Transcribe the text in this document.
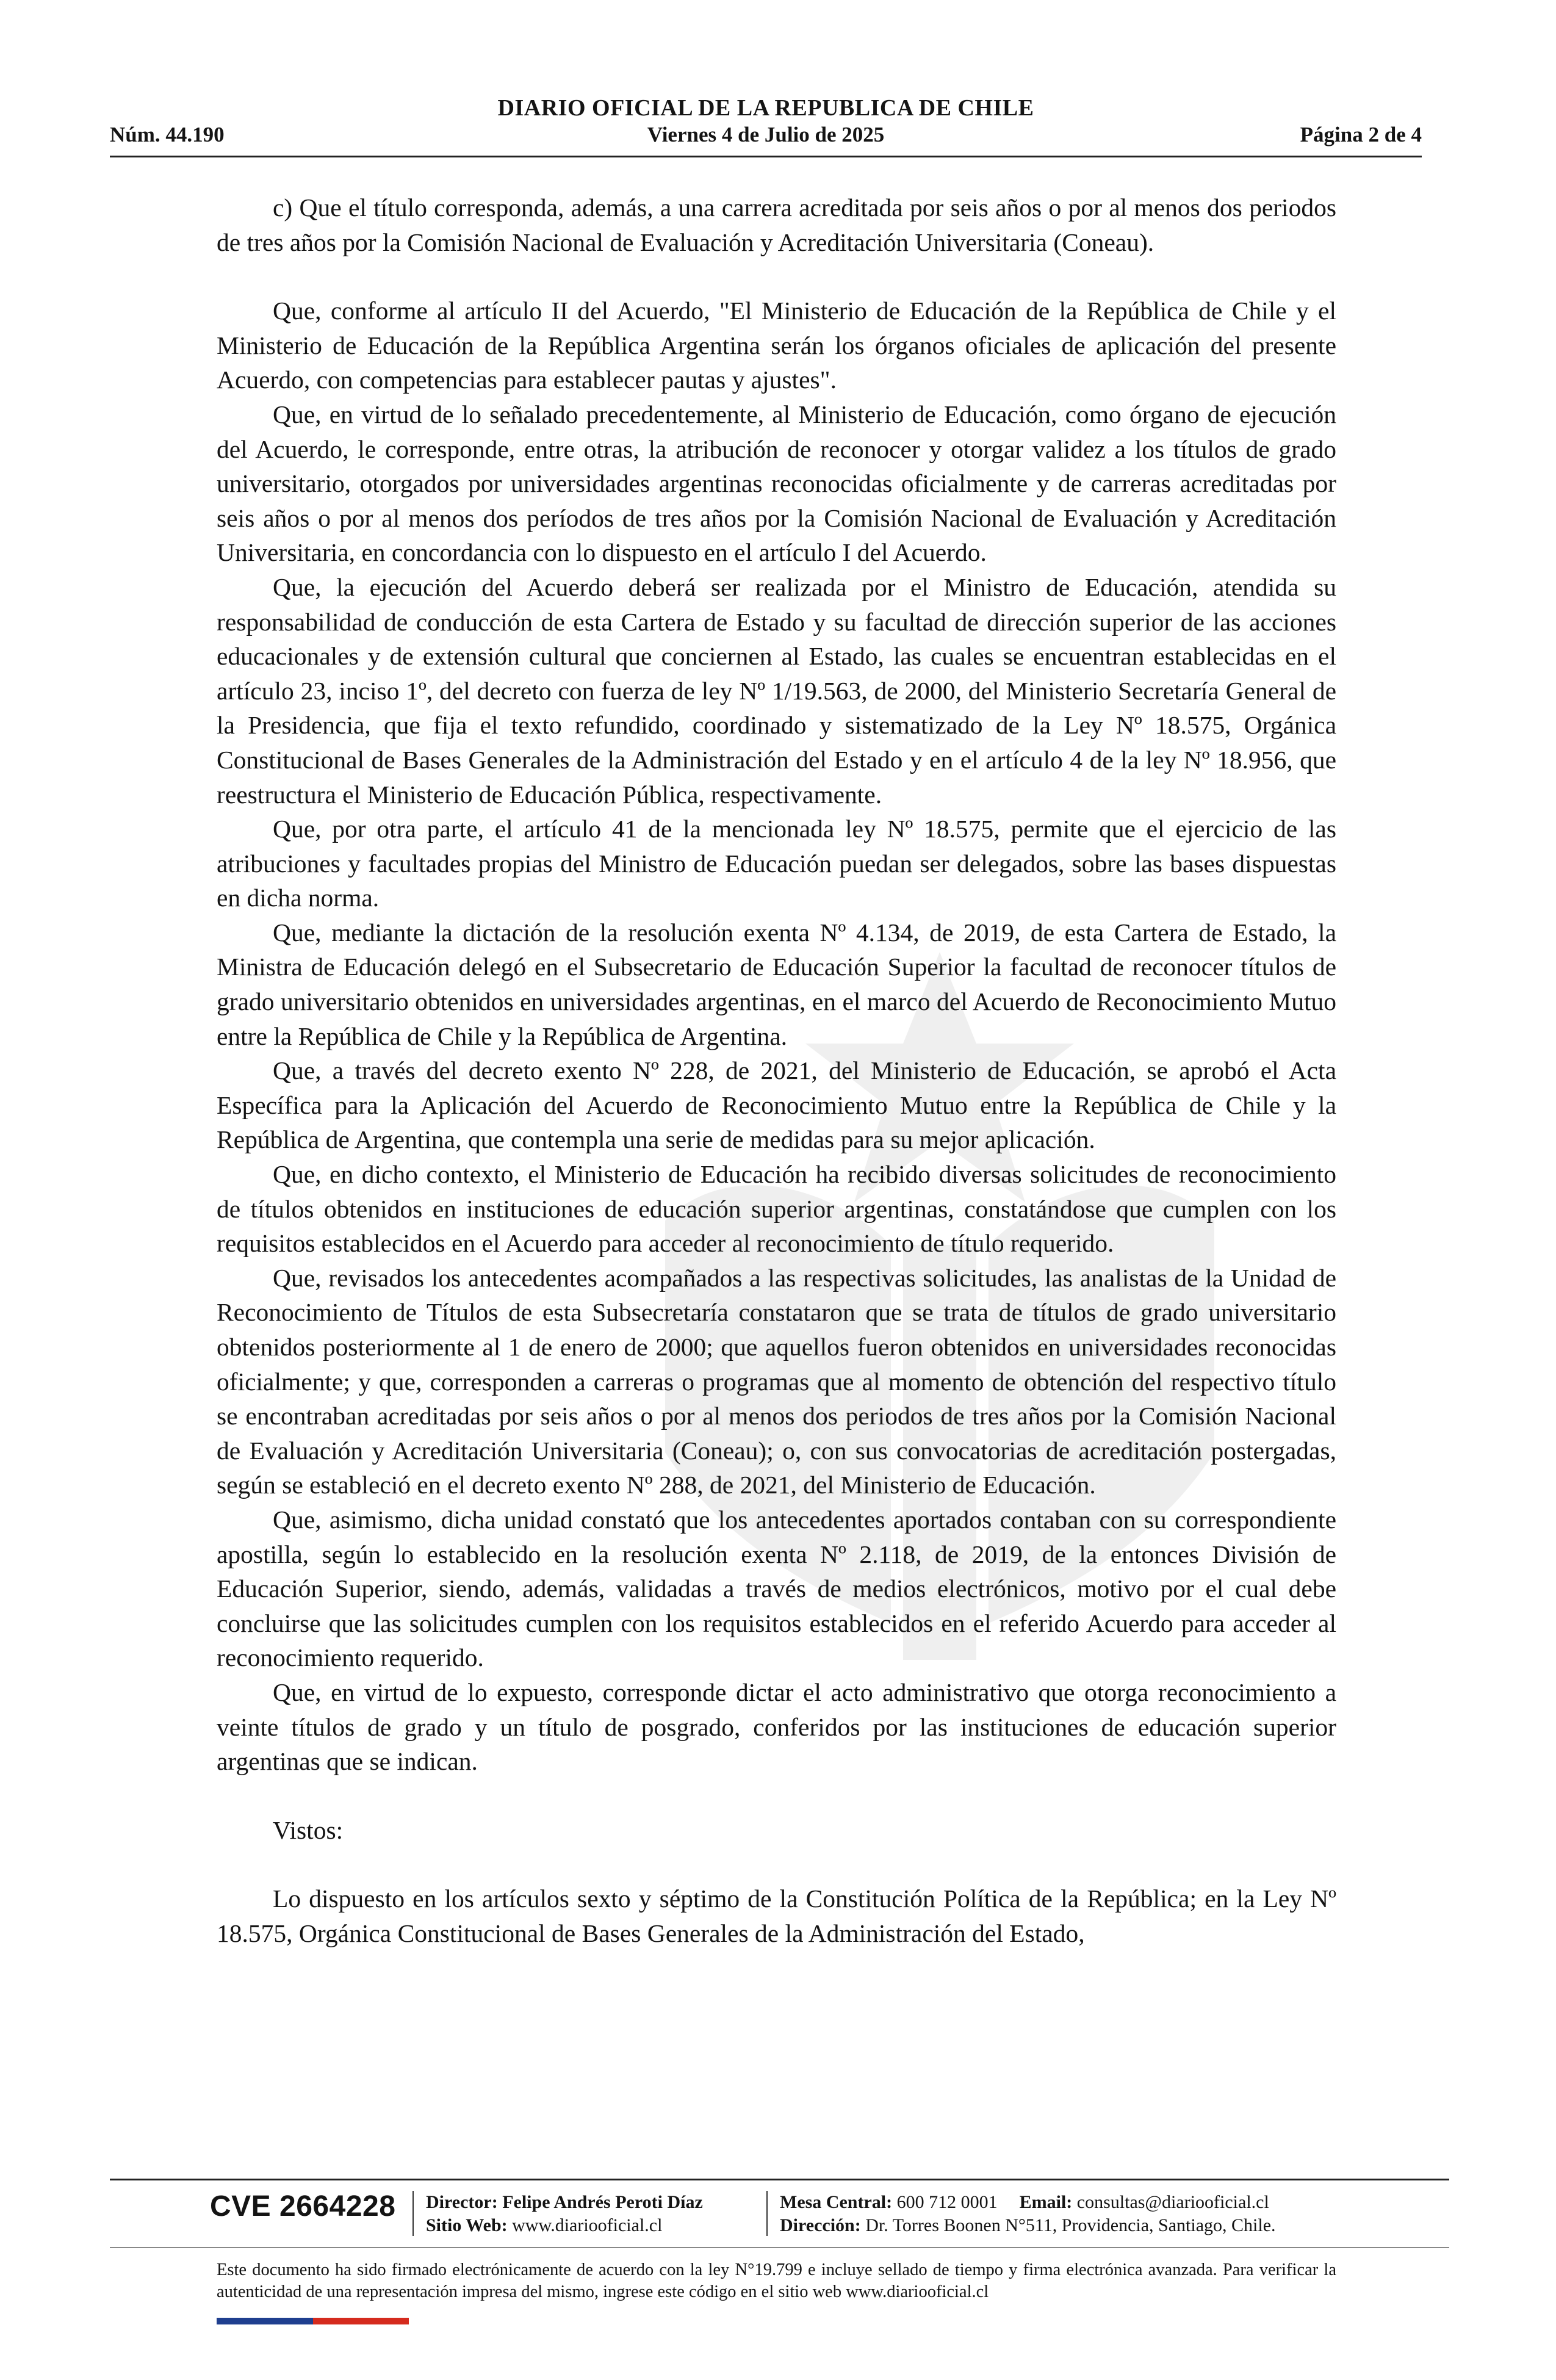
DIARIO OFICIAL DE LA REPUBLICA DE CHILE
Núm. 44.190	Viernes 4 de Julio de 2025	Página 2 de 4

c) Que el título corresponda, además, a una carrera acreditada por seis años o por al menos dos periodos de tres años por la Comisión Nacional de Evaluación y Acreditación Universitaria (Coneau).

Que, conforme al artículo II del Acuerdo, "El Ministerio de Educación de la República de Chile y el Ministerio de Educación de la República Argentina serán los órganos oficiales de aplicación del presente Acuerdo, con competencias para establecer pautas y ajustes".

Que, en virtud de lo señalado precedentemente, al Ministerio de Educación, como órgano de ejecución del Acuerdo, le corresponde, entre otras, la atribución de reconocer y otorgar validez a los títulos de grado universitario, otorgados por universidades argentinas reconocidas oficialmente y de carreras acreditadas por seis años o por al menos dos períodos de tres años por la Comisión Nacional de Evaluación y Acreditación Universitaria, en concordancia con lo dispuesto en el artículo I del Acuerdo.

Que, la ejecución del Acuerdo deberá ser realizada por el Ministro de Educación, atendida su responsabilidad de conducción de esta Cartera de Estado y su facultad de dirección superior de las acciones educacionales y de extensión cultural que conciernen al Estado, las cuales se encuentran establecidas en el artículo 23, inciso 1º, del decreto con fuerza de ley Nº 1/19.563, de 2000, del Ministerio Secretaría General de la Presidencia, que fija el texto refundido, coordinado y sistematizado de la Ley Nº 18.575, Orgánica Constitucional de Bases Generales de la Administración del Estado y en el artículo 4 de la ley Nº 18.956, que reestructura el Ministerio de Educación Pública, respectivamente.

Que, por otra parte, el artículo 41 de la mencionada ley Nº 18.575, permite que el ejercicio de las atribuciones y facultades propias del Ministro de Educación puedan ser delegados, sobre las bases dispuestas en dicha norma.

Que, mediante la dictación de la resolución exenta Nº 4.134, de 2019, de esta Cartera de Estado, la Ministra de Educación delegó en el Subsecretario de Educación Superior la facultad de reconocer títulos de grado universitario obtenidos en universidades argentinas, en el marco del Acuerdo de Reconocimiento Mutuo entre la República de Chile y la República de Argentina.

Que, a través del decreto exento Nº 228, de 2021, del Ministerio de Educación, se aprobó el Acta Específica para la Aplicación del Acuerdo de Reconocimiento Mutuo entre la República de Chile y la República de Argentina, que contempla una serie de medidas para su mejor aplicación.

Que, en dicho contexto, el Ministerio de Educación ha recibido diversas solicitudes de reconocimiento de títulos obtenidos en instituciones de educación superior argentinas, constatándose que cumplen con los requisitos establecidos en el Acuerdo para acceder al reconocimiento de título requerido.

Que, revisados los antecedentes acompañados a las respectivas solicitudes, las analistas de la Unidad de Reconocimiento de Títulos de esta Subsecretaría constataron que se trata de títulos de grado universitario obtenidos posteriormente al 1 de enero de 2000; que aquellos fueron obtenidos en universidades reconocidas oficialmente; y que, corresponden a carreras o programas que al momento de obtención del respectivo título se encontraban acreditadas por seis años o por al menos dos periodos de tres años por la Comisión Nacional de Evaluación y Acreditación Universitaria (Coneau); o, con sus convocatorias de acreditación postergadas, según se estableció en el decreto exento Nº 288, de 2021, del Ministerio de Educación.

Que, asimismo, dicha unidad constató que los antecedentes aportados contaban con su correspondiente apostilla, según lo establecido en la resolución exenta Nº 2.118, de 2019, de la entonces División de Educación Superior, siendo, además, validadas a través de medios electrónicos, motivo por el cual debe concluirse que las solicitudes cumplen con los requisitos establecidos en el referido Acuerdo para acceder al reconocimiento requerido.

Que, en virtud de lo expuesto, corresponde dictar el acto administrativo que otorga reconocimiento a veinte títulos de grado y un título de posgrado, conferidos por las instituciones de educación superior argentinas que se indican.

Vistos:

Lo dispuesto en los artículos sexto y séptimo de la Constitución Política de la República; en la Ley Nº 18.575, Orgánica Constitucional de Bases Generales de la Administración del Estado,

CVE 2664228 Director: Felipe Andrés Peroti Díaz
Sitio Web: www.diariooficial.cl
Mesa Central: 600 712 0001 Email: consultas@diariooficial.cl
Dirección: Dr. Torres Boonen N°511, Providencia, Santiago, Chile.
Este documento ha sido firmado electrónicamente de acuerdo con la ley N°19.799 e incluye sellado de tiempo y firma electrónica avanzada. Para verificar la autenticidad de una representación impresa del mismo, ingrese este código en el sitio web www.diariooficial.cl
